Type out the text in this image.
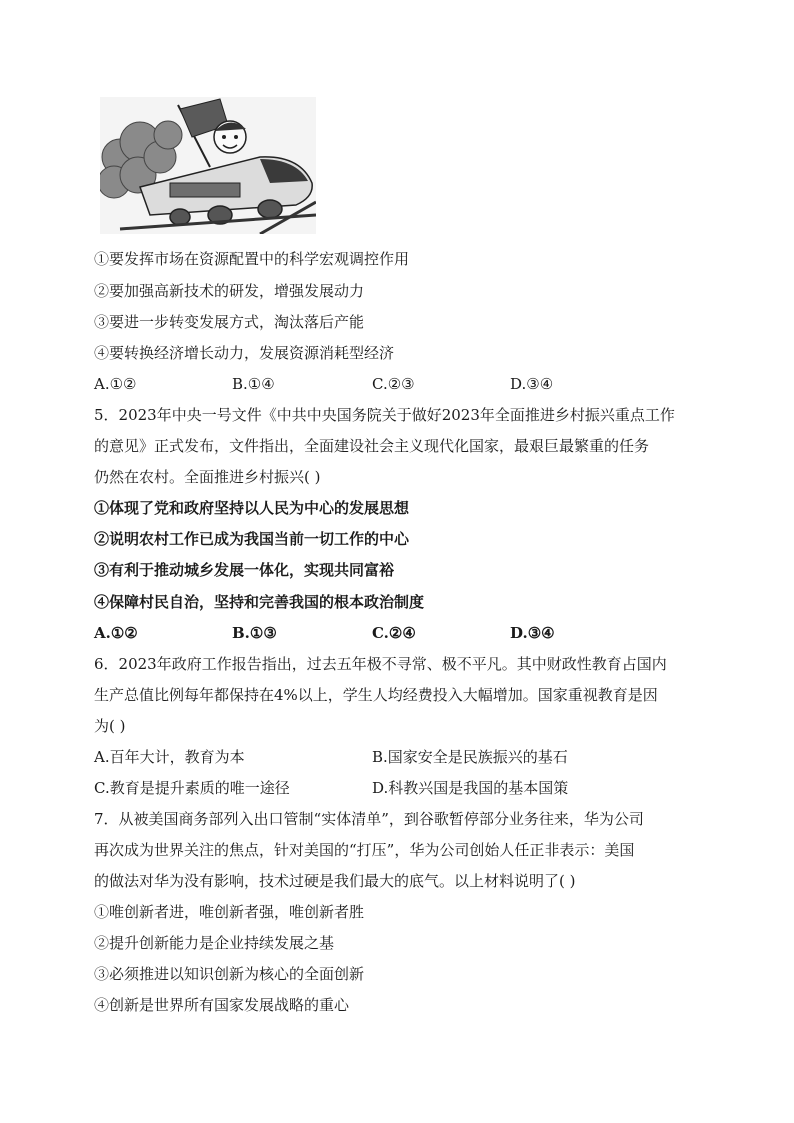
①要发挥市场在资源配置中的科学宏观调控作用
②要加强高新技术的研发，增强发展动力
③要进一步转变发展方式，淘汰落后产能
④要转换经济增长动力，发展资源消耗型经济
A.①②	B.①④	C.②③	D.③④
5．2023年中央一号文件《中共中央国务院关于做好2023年全面推进乡村振兴重点工作
的意见》正式发布，文件指出，全面建设社会主义现代化国家，最艰巨最繁重的任务
仍然在农村。全面推进乡村振兴( )
①体现了党和政府坚持以人民为中心的发展思想
②说明农村工作已成为我国当前一切工作的中心
③有利于推动城乡发展一体化，实现共同富裕
④保障村民自治，坚持和完善我国的根本政治制度
A.①②	B.①③	C.②④	D.③④
6．2023年政府工作报告指出，过去五年极不寻常、极不平凡。其中财政性教育占国内
生产总值比例每年都保持在4%以上，学生人均经费投入大幅增加。国家重视教育是因
为( )
A.百年大计，教育为本	B.国家安全是民族振兴的基石
C.教育是提升素质的唯一途径	D.科教兴国是我国的基本国策
7．从被美国商务部列入出口管制“实体清单”，到谷歌暂停部分业务往来，华为公司
再次成为世界关注的焦点，针对美国的“打压”，华为公司创始人任正非表示：美国
的做法对华为没有影响，技术过硬是我们最大的底气。以上材料说明了( )
①唯创新者进，唯创新者强，唯创新者胜
②提升创新能力是企业持续发展之基
③必须推进以知识创新为核心的全面创新
④创新是世界所有国家发展战略的重心
